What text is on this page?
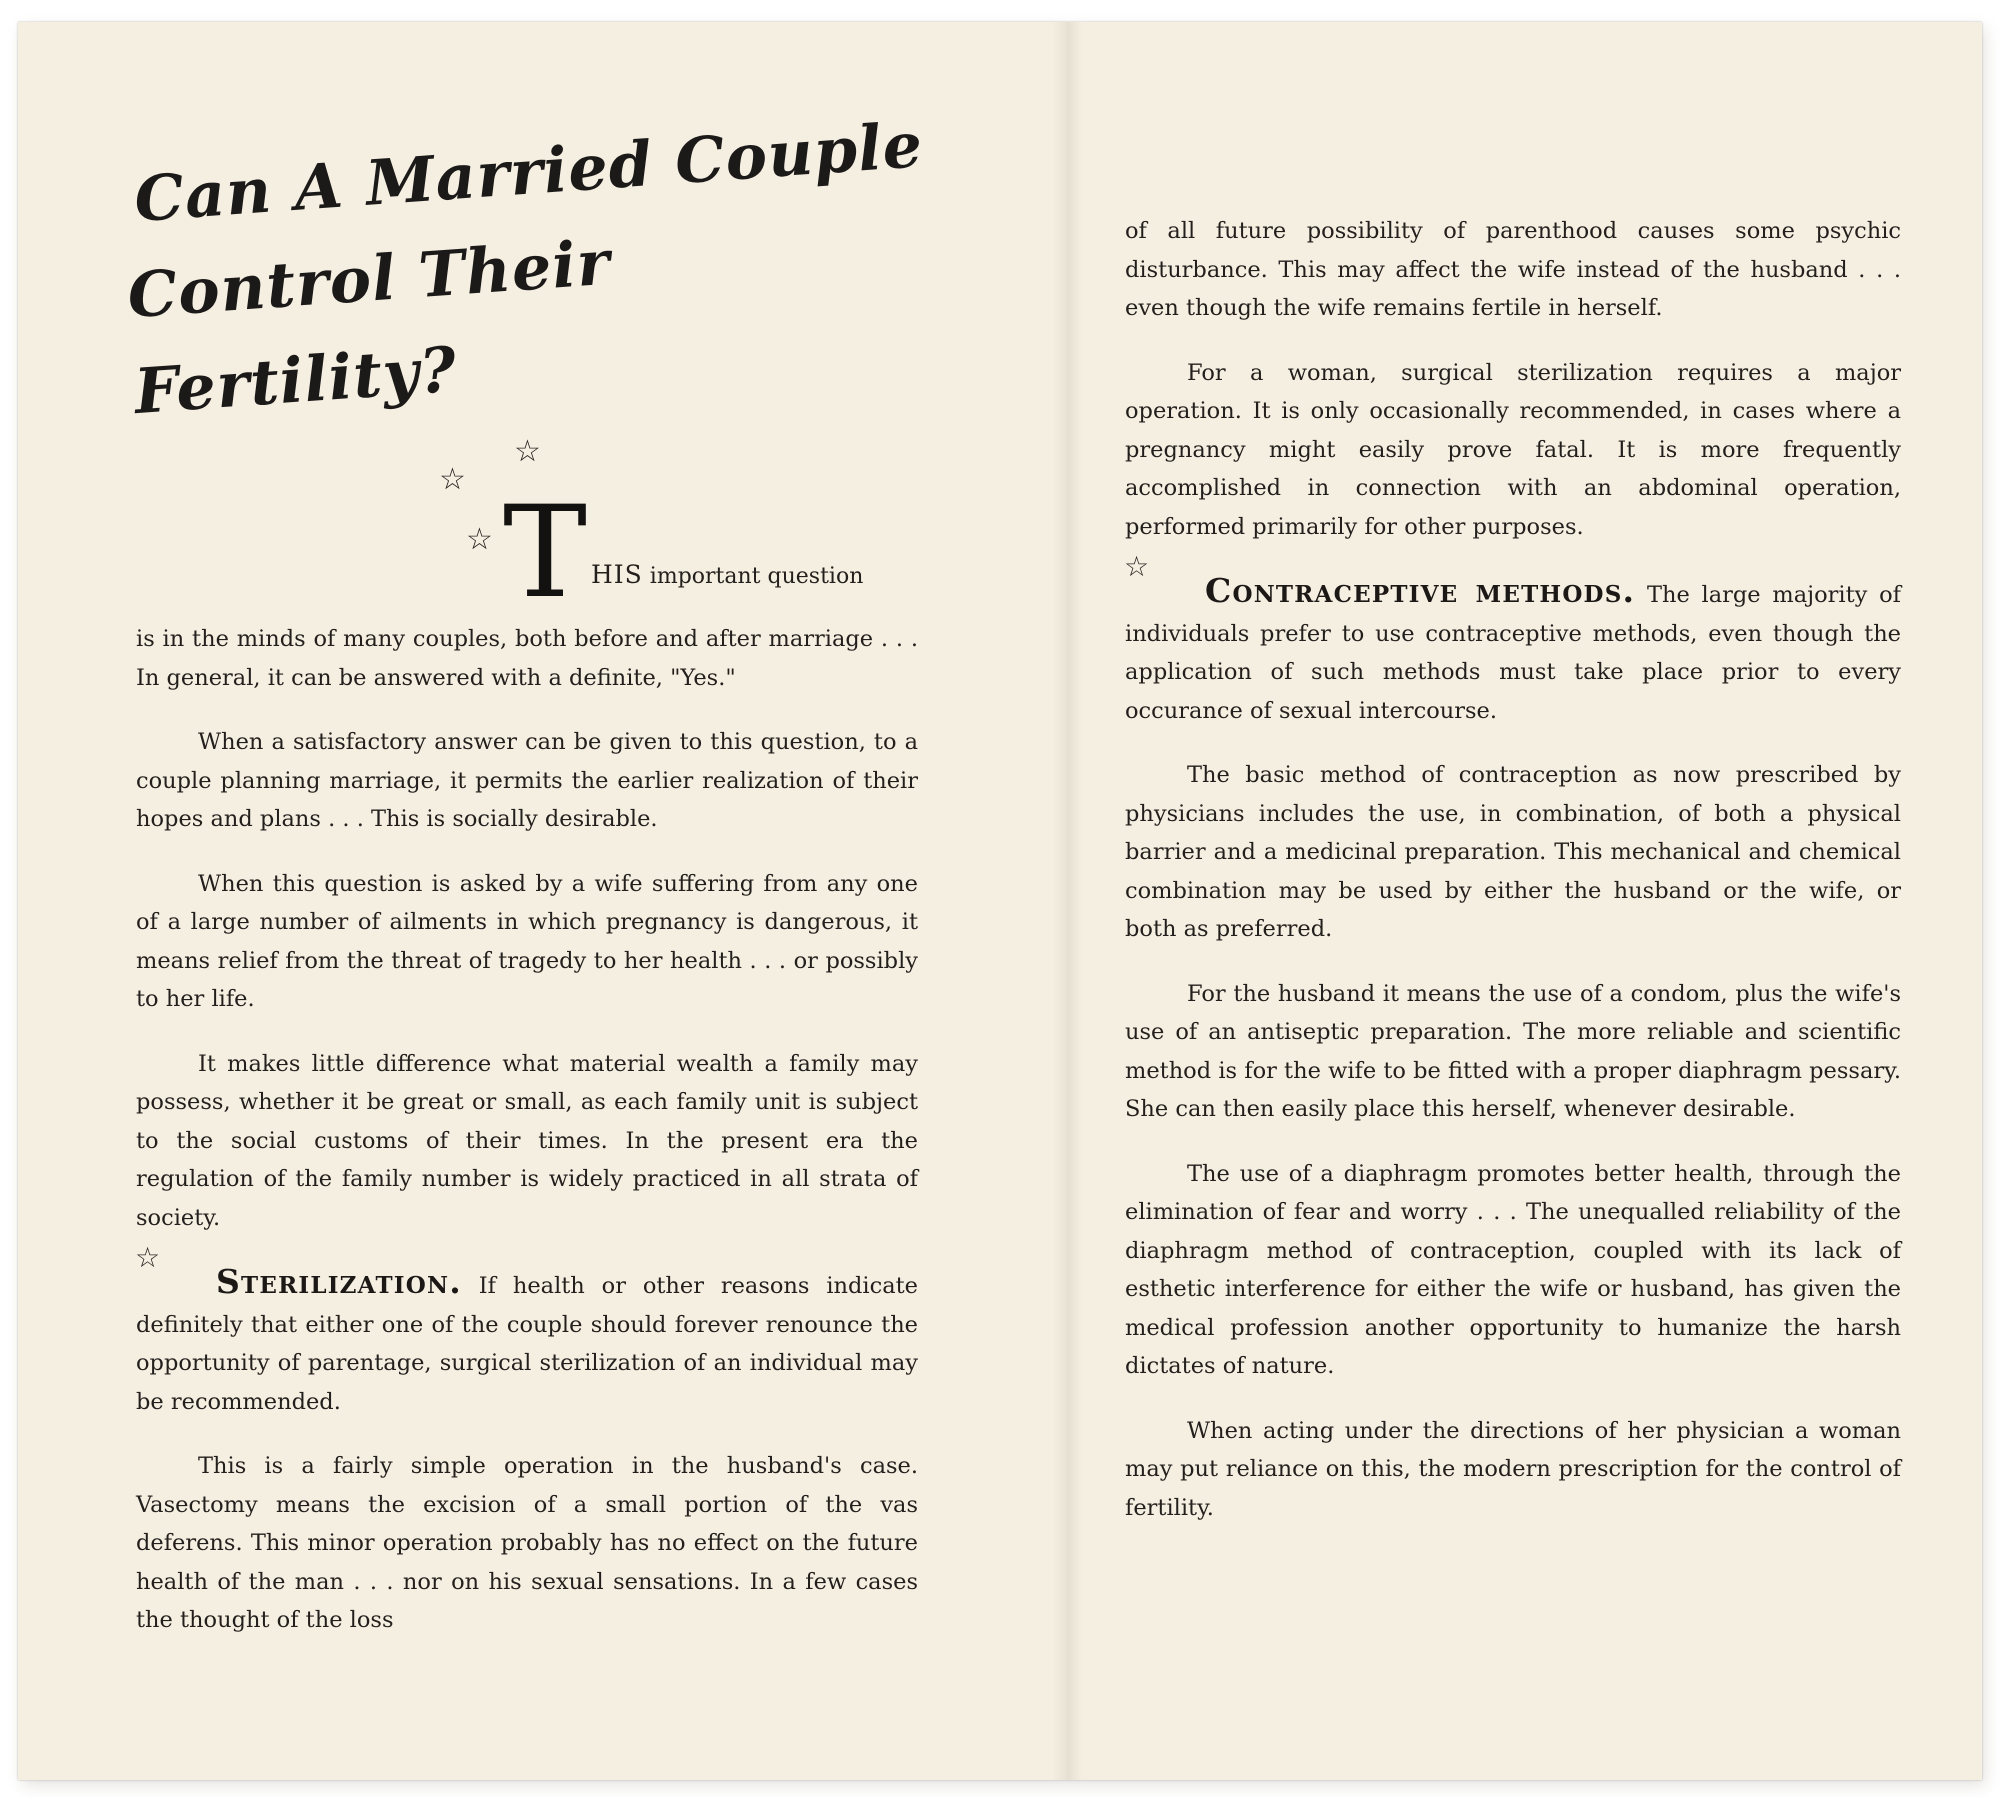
Can A Married Couple
Control Their Fertility?
☆
☆
☆ T HIS important question

is in the minds of many couples, both before and after marriage . . . In general, it can be answered with a definite, "Yes."

When a satisfactory answer can be given to this question, to a couple planning marriage, it permits the earlier realization of their hopes and plans . . . This is socially desirable.

When this question is asked by a wife suffering from any one of a large number of ailments in which pregnancy is dangerous, it means relief from the threat of tragedy to her health . . . or possibly to her life.

It makes little difference what material wealth a family may possess, whether it be great or small, as each family unit is subject to the social customs of their times. In the present era the regulation of the family number is widely practiced in all strata of society.

☆

Sterilization. If health or other reasons indicate definitely that either one of the couple should forever renounce the opportunity of parentage, surgical sterilization of an individual may be recommended.

This is a fairly simple operation in the husband's case. Vasectomy means the excision of a small portion of the vas deferens. This minor operation probably has no effect on the future health of the man . . . nor on his sexual sensations. In a few cases the thought of the loss

of all future possibility of parenthood causes some psychic disturbance. This may affect the wife instead of the husband . . . even though the wife remains fertile in herself.

For a woman, surgical sterilization requires a major operation. It is only occasionally recommended, in cases where a pregnancy might easily prove fatal. It is more frequently accomplished in connection with an abdominal operation, performed primarily for other purposes.

☆

Contraceptive methods. The large majority of individuals prefer to use contraceptive methods, even though the application of such methods must take place prior to every occurance of sexual intercourse.

The basic method of contraception as now prescribed by physicians includes the use, in combination, of both a physical barrier and a medicinal preparation. This mechanical and chemical combination may be used by either the husband or the wife, or both as preferred.

For the husband it means the use of a condom, plus the wife's use of an antiseptic preparation. The more reliable and scientific method is for the wife to be fitted with a proper diaphragm pessary. She can then easily place this herself, whenever desirable.

The use of a diaphragm promotes better health, through the elimination of fear and worry . . . The unequalled reliability of the diaphragm method of contraception, coupled with its lack of esthetic interference for either the wife or husband, has given the medical profession another opportunity to humanize the harsh dictates of nature.

When acting under the directions of her physician a woman may put reliance on this, the modern prescription for the control of fertility.
